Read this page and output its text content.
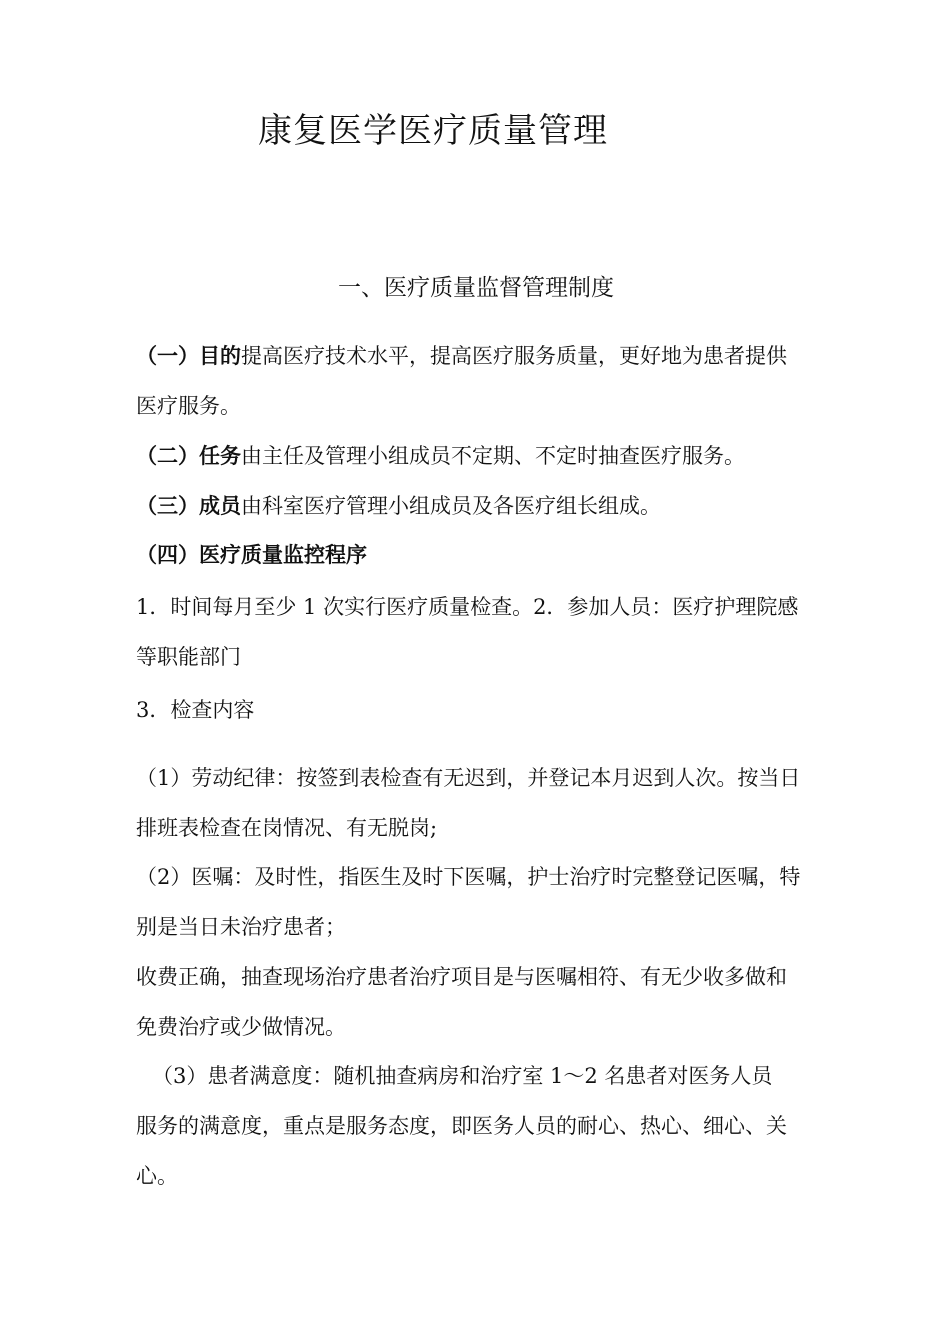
康复医学医疗质量管理
一、医疗质量监督管理制度
（一）目的提高医疗技术水平，提高医疗服务质量，更好地为患者提供
医疗服务。
（二）任务由主任及管理小组成员不定期、不定时抽查医疗服务。
（三）成员由科室医疗管理小组成员及各医疗组长组成。
（四）医疗质量监控程序
1．时间每月至少 1 次实行医疗质量检查。2．参加人员：医疗护理院感
等职能部门
3．检查内容
（1）劳动纪律：按签到表检查有无迟到，并登记本月迟到人次。按当日
排班表检查在岗情况、有无脱岗;
（2）医嘱：及时性，指医生及时下医嘱，护士治疗时完整登记医嘱，特
别是当日未治疗患者；
收费正确，抽查现场治疗患者治疗项目是与医嘱相符、有无少收多做和
免费治疗或少做情况。
（3）患者满意度：随机抽查病房和治疗室 1～2 名患者对医务人员
服务的满意度，重点是服务态度，即医务人员的耐心、热心、细心、关
心。
